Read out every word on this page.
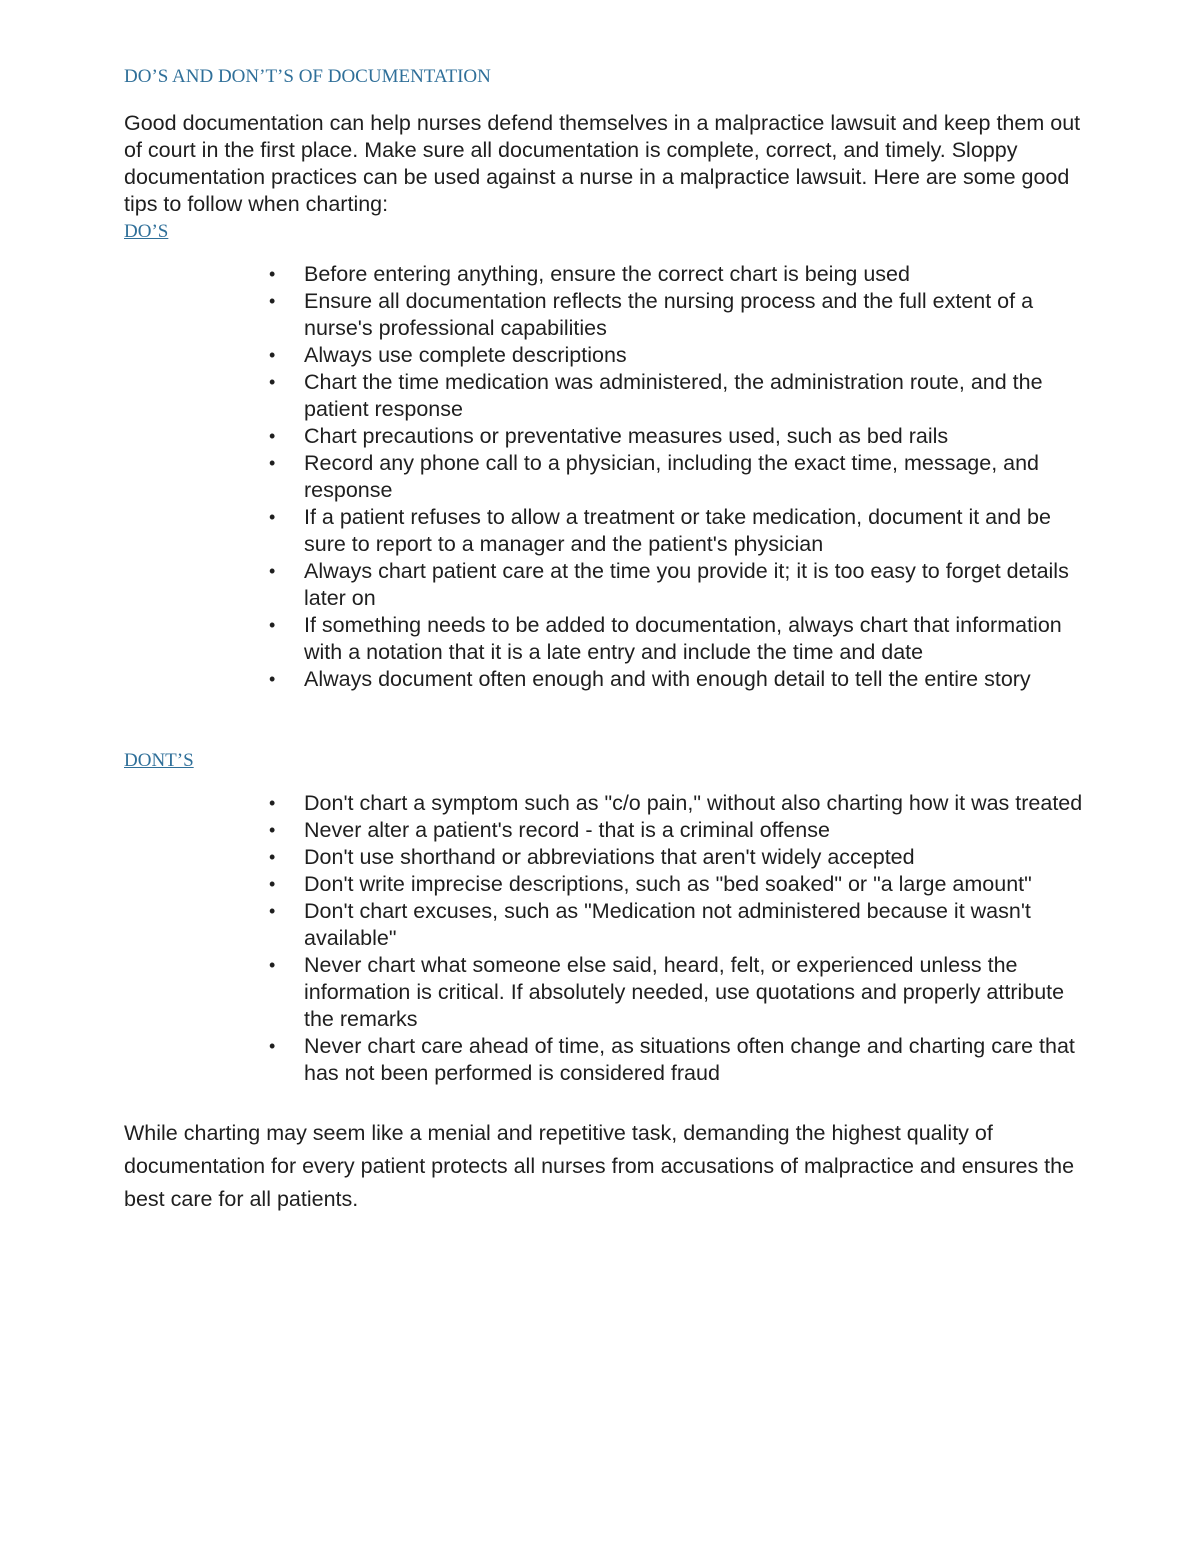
DO’S AND DON’T’S OF DOCUMENTATION

Good documentation can help nurses defend themselves in a malpractice lawsuit and keep them out of court in the first place. Make sure all documentation is complete, correct, and timely. Sloppy documentation practices can be used against a nurse in a malpractice lawsuit. Here are some good tips to follow when charting:

DO’S
• Before entering anything, ensure the correct chart is being used
• Ensure all documentation reflects the nursing process and the full extent of a nurse's professional capabilities
• Always use complete descriptions
• Chart the time medication was administered, the administration route, and the patient response
• Chart precautions or preventative measures used, such as bed rails
• Record any phone call to a physician, including the exact time, message, and response
• If a patient refuses to allow a treatment or take medication, document it and be sure to report to a manager and the patient's physician
• Always chart patient care at the time you provide it; it is too easy to forget details later on
• If something needs to be added to documentation, always chart that information with a notation that it is a late entry and include the time and date
• Always document often enough and with enough detail to tell the entire story
DONT’S
• Don't chart a symptom such as "c/o pain," without also charting how it was treated
• Never alter a patient's record - that is a criminal offense
• Don't use shorthand or abbreviations that aren't widely accepted
• Don't write imprecise descriptions, such as "bed soaked" or "a large amount"
• Don't chart excuses, such as "Medication not administered because it wasn't available"
• Never chart what someone else said, heard, felt, or experienced unless the information is critical. If absolutely needed, use quotations and properly attribute the remarks
• Never chart care ahead of time, as situations often change and charting care that has not been performed is considered fraud

While charting may seem like a menial and repetitive task, demanding the highest quality of documentation for every patient protects all nurses from accusations of malpractice and ensures the best care for all patients.
